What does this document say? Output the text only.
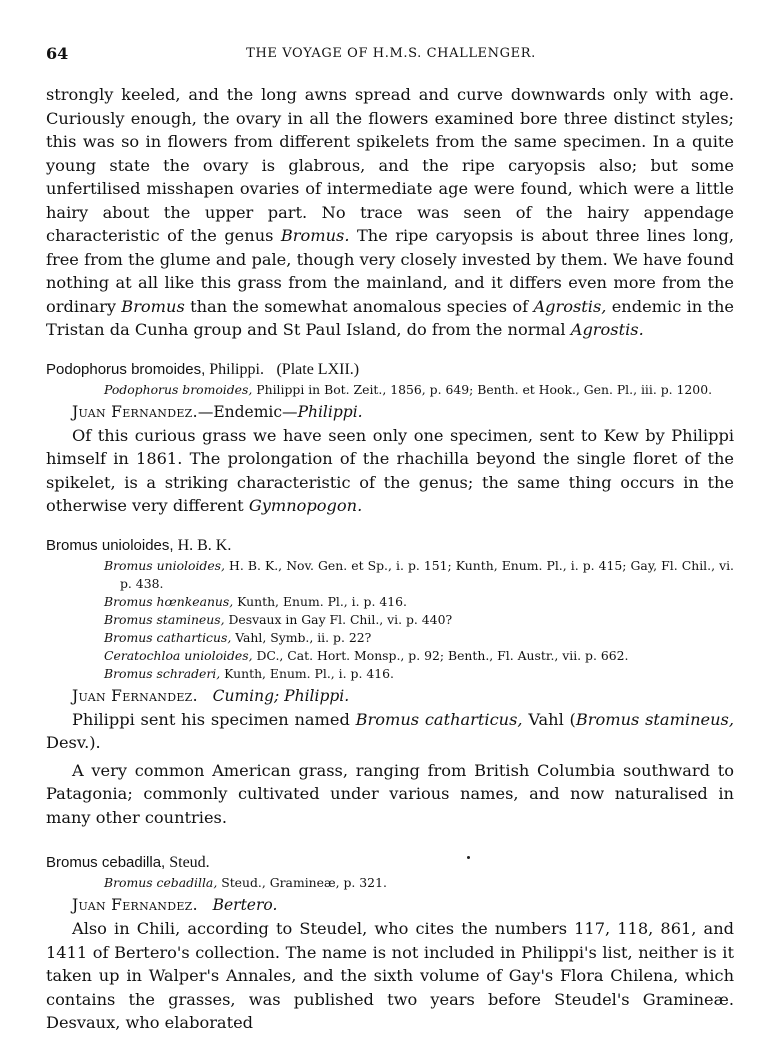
64	THE VOYAGE OF H.M.S. CHALLENGER.

strongly keeled, and the long awns spread and curve downwards only with age. Curiously enough, the ovary in all the flowers examined bore three distinct styles; this was so in flowers from different spikelets from the same specimen. In a quite young state the ovary is glabrous, and the ripe caryopsis also; but some unfertilised misshapen ovaries of intermediate age were found, which were a little hairy about the upper part. No trace was seen of the hairy appendage characteristic of the genus Bromus. The ripe caryopsis is about three lines long, free from the glume and pale, though very closely invested by them. We have found nothing at all like this grass from the mainland, and it differs even more from the ordinary Bromus than the somewhat anomalous species of Agrostis, endemic in the Tristan da Cunha group and St Paul Island, do from the normal Agrostis.

Podophorus bromoides, Philippi. (Plate LXII.)

Podophorus bromoides, Philippi in Bot. Zeit., 1856, p. 649; Benth. et Hook., Gen. Pl., iii. p. 1200.

Juan Fernandez.—Endemic—Philippi.

Of this curious grass we have seen only one specimen, sent to Kew by Philippi himself in 1861. The prolongation of the rhachilla beyond the single floret of the spikelet, is a striking characteristic of the genus; the same thing occurs in the otherwise very different Gymnopogon.

Bromus unioloides, H. B. K.

Bromus unioloides, H. B. K., Nov. Gen. et Sp., i. p. 151; Kunth, Enum. Pl., i. p. 415; Gay, Fl. Chil., vi. p. 438.

Bromus hœnkeanus, Kunth, Enum. Pl., i. p. 416.

Bromus stamineus, Desvaux in Gay Fl. Chil., vi. p. 440?

Bromus catharticus, Vahl, Symb., ii. p. 22?

Ceratochloa unioloides, DC., Cat. Hort. Monsp., p. 92; Benth., Fl. Austr., vii. p. 662.

Bromus schraderi, Kunth, Enum. Pl., i. p. 416.

Juan Fernandez. Cuming; Philippi.

Philippi sent his specimen named Bromus catharticus, Vahl (Bromus stamineus, Desv.).

A very common American grass, ranging from British Columbia southward to Patagonia; commonly cultivated under various names, and now naturalised in many other countries.

Bromus cebadilla, Steud.

Bromus cebadilla, Steud., Gramineæ, p. 321.

Juan Fernandez. Bertero.

Also in Chili, according to Steudel, who cites the numbers 117, 118, 861, and 1411 of Bertero's collection. The name is not included in Philippi's list, neither is it taken up in Walper's Annales, and the sixth volume of Gay's Flora Chilena, which contains the grasses, was published two years before Steudel's Gramineæ. Desvaux, who elaborated
